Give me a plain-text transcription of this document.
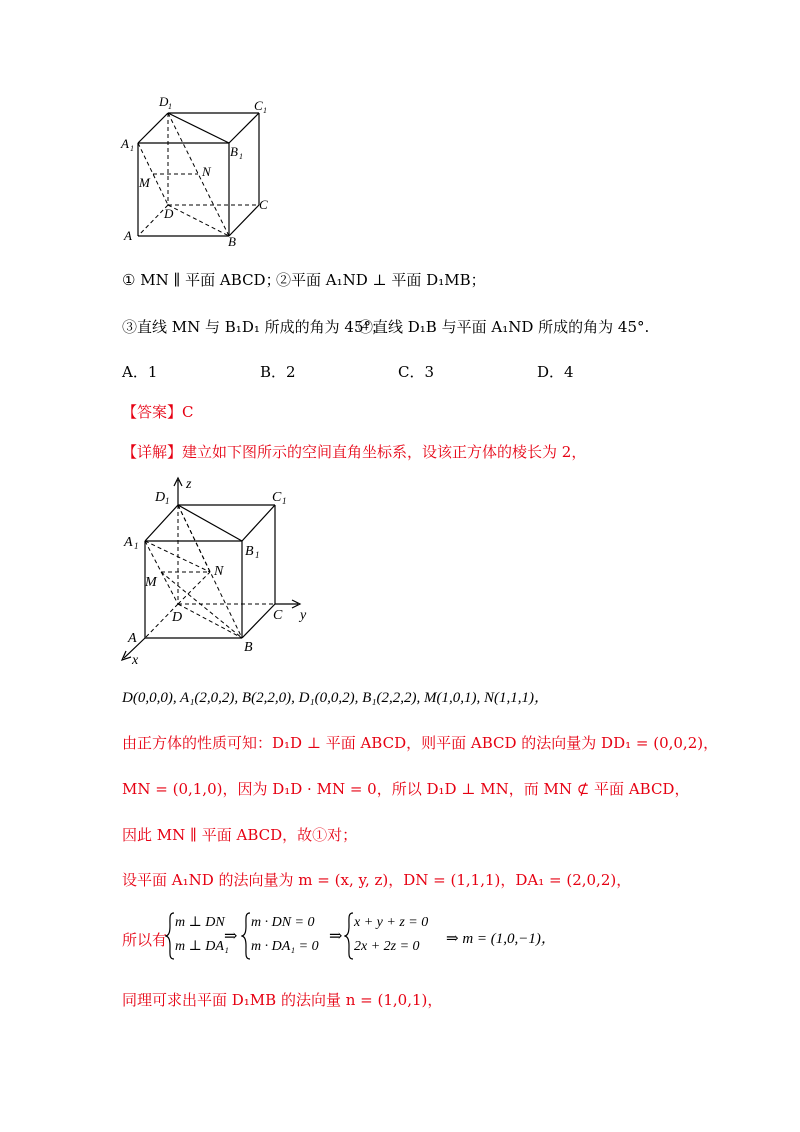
D 1	C 1
A 1	B 1
M
N
D
C
A	B
① MN ∥ 平面 ABCD；
②平面 A₁ND ⊥ 平面 D₁MB；
③直线 MN 与 B₁D₁ 所成的角为 45°；
④直线 D₁B 与平面 A₁ND 所成的角为 45°.
A．1	B．2	C．3	D．4
【答案】C
【详解】建立如下图所示的空间直角坐标系，设该正方体的棱长为 2，
z
y
x
D 1	C 1
A 1	B 1
M
N
D	C
A
B
D(0,0,0), A₁(2,0,2), B(2,2,0), D₁(0,0,2), B₁(2,2,2), M(1,0,1), N(1,1,1)，
由正方体的性质可知：D₁D ⊥ 平面 ABCD，则平面 ABCD 的法向量为 DD₁ = (0,0,2)，
MN = (0,1,0)，因为 D₁D · MN = 0，所以 D₁D ⊥ MN，而 MN ⊄ 平面 ABCD，
因此 MN ∥ 平面 ABCD，故①对；
设平面 A₁ND 的法向量为 m = (x, y, z)，DN = (1,1,1)，DA₁ = (2,0,2)，
所以有
m ⊥ DN
m ⊥ DA₁
⇒
m · DN = 0
m · DA₁ = 0
⇒
x + y + z = 0
2x + 2z = 0 ⇒ m = (1,0,−1)，
同理可求出平面 D₁MB 的法向量 n = (1,0,1)，
